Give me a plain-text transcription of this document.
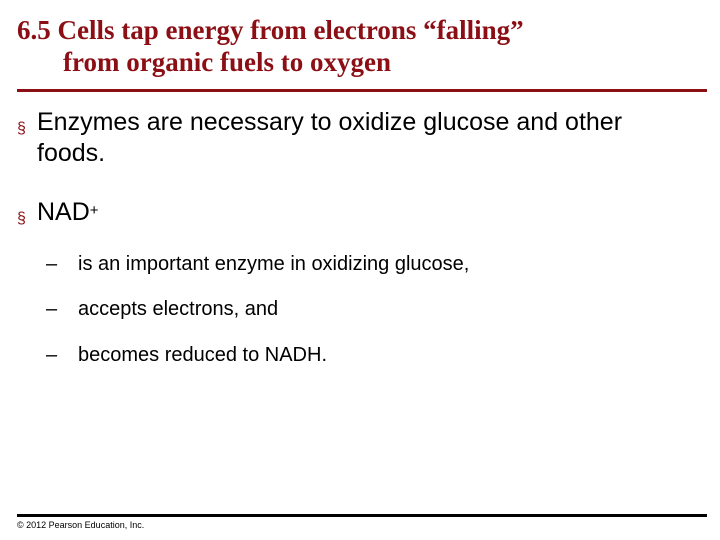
6.5 Cells tap energy from electrons “falling”
from organic fuels to oxygen
§ Enzymes are necessary to oxidize glucose and other foods.
§ NAD+
– is an important enzyme in oxidizing glucose,
– accepts electrons, and
– becomes reduced to NADH.
© 2012 Pearson Education, Inc.
